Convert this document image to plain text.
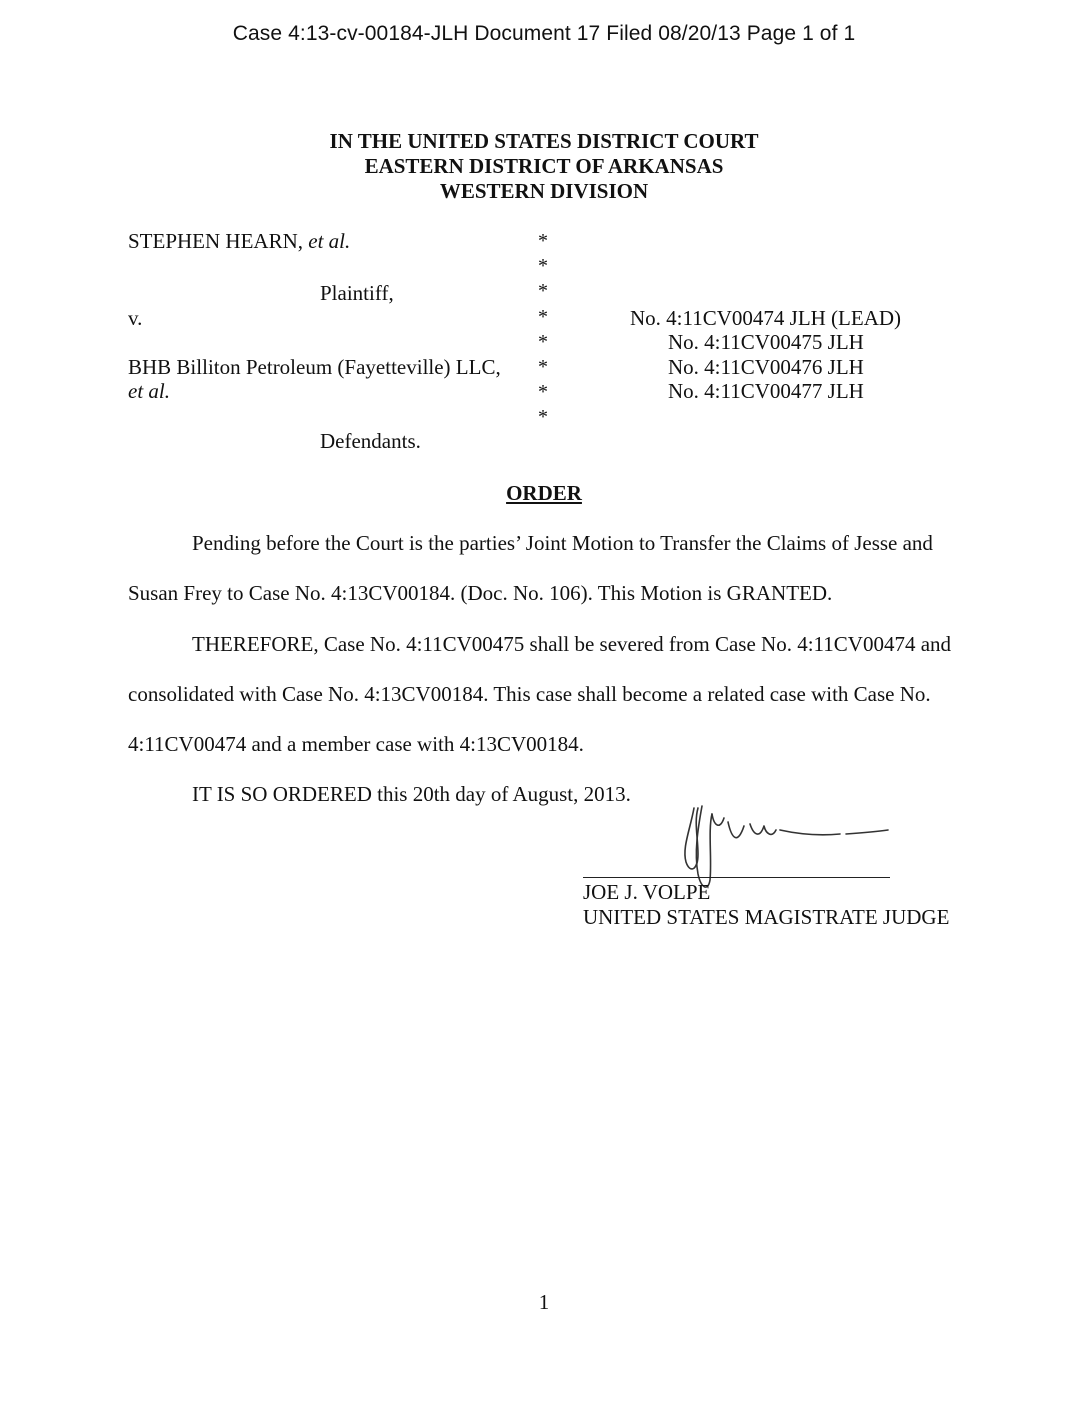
Case 4:13-cv-00184-JLH Document 17 Filed 08/20/13 Page 1 of 1
IN THE UNITED STATES DISTRICT COURT
EASTERN DISTRICT OF ARKANSAS
WESTERN DIVISION
STEPHEN HEARN, et al.
Plaintiff,
v.
BHB Billiton Petroleum (Fayetteville) LLC,
et al.
Defendants.
*
*
*
*
*
*
*
*
No. 4:11CV00474 JLH (LEAD)
No. 4:11CV00475 JLH
No. 4:11CV00476 JLH
No. 4:11CV00477 JLH
ORDER
Pending before the Court is the parties’ Joint Motion to Transfer the Claims of Jesse and
Susan Frey to Case No. 4:13CV00184. (Doc. No. 106). This Motion is GRANTED.
THEREFORE, Case No. 4:11CV00475 shall be severed from Case No. 4:11CV00474 and
consolidated with Case No. 4:13CV00184. This case shall become a related case with Case No.
4:11CV00474 and a member case with 4:13CV00184.
IT IS SO ORDERED this 20th day of August, 2013.
JOE J. VOLPE
UNITED STATES MAGISTRATE JUDGE
1
